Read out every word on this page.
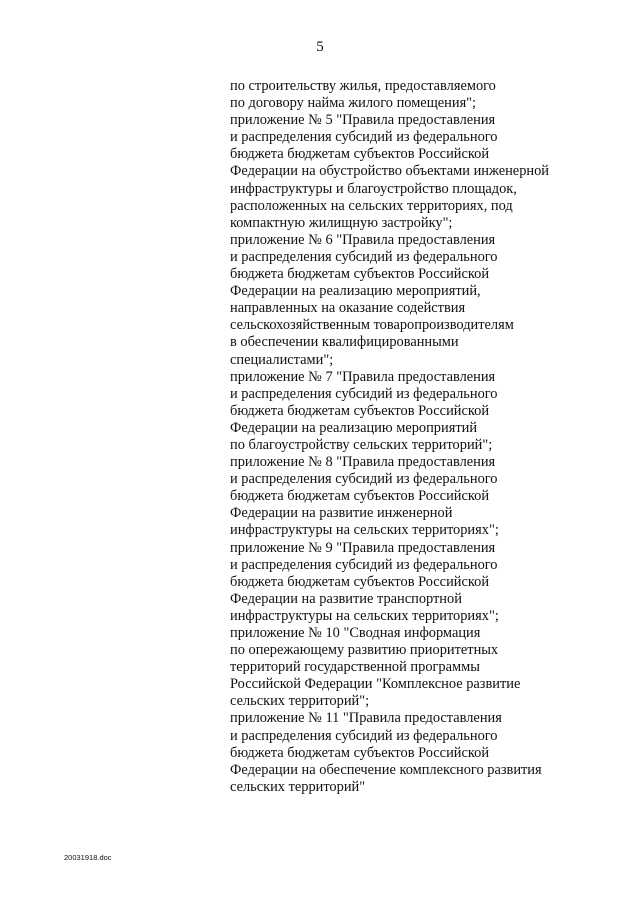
5
по строительству жилья, предоставляемого
по договору найма жилого помещения";
приложение № 5 "Правила предоставления
и распределения субсидий из федерального
бюджета бюджетам субъектов Российской
Федерации на обустройство объектами инженерной
инфраструктуры и благоустройство площадок,
расположенных на сельских территориях, под
компактную жилищную застройку";
приложение № 6 "Правила предоставления
и распределения субсидий из федерального
бюджета бюджетам субъектов Российской
Федерации на реализацию мероприятий,
направленных на оказание содействия
сельскохозяйственным товаропроизводителям
в обеспечении квалифицированными
специалистами";
приложение № 7 "Правила предоставления
и распределения субсидий из федерального
бюджета бюджетам субъектов Российской
Федерации на реализацию мероприятий
по благоустройству сельских территорий";
приложение № 8 "Правила предоставления
и распределения субсидий из федерального
бюджета бюджетам субъектов Российской
Федерации на развитие инженерной
инфраструктуры на сельских территориях";
приложение № 9 "Правила предоставления
и распределения субсидий из федерального
бюджета бюджетам субъектов Российской
Федерации на развитие транспортной
инфраструктуры на сельских территориях";
приложение № 10 "Сводная информация
по опережающему развитию приоритетных
территорий государственной программы
Российской Федерации "Комплексное развитие
сельских территорий";
приложение № 11 "Правила предоставления
и распределения субсидий из федерального
бюджета бюджетам субъектов Российской
Федерации на обеспечение комплексного развития
сельских территорий"
20031918.doc
